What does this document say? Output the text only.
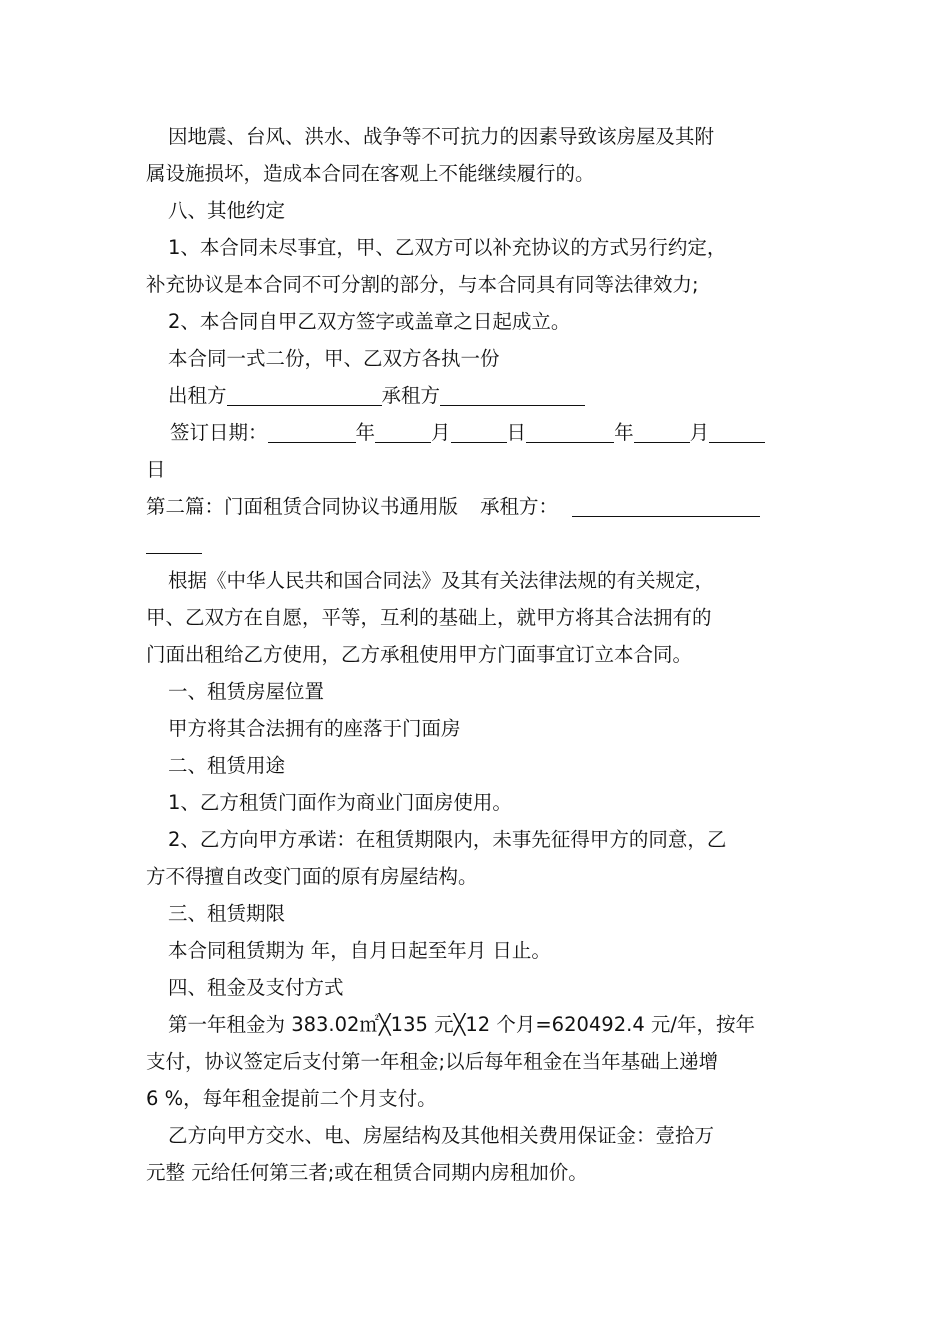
因地震、台风、洪水、战争等不可抗力的因素导致该房屋及其附
属设施损坏，造成本合同在客观上不能继续履行的。
八、其他约定
1、本合同未尽事宜，甲、乙双方可以补充协议的方式另行约定，
补充协议是本合同不可分割的部分，与本合同具有同等法律效力;
2、本合同自甲乙双方签字或盖章之日起成立。
本合同一式二份，甲、乙双方各执一份
出租方	承租方
签订日期：	年	月	日	年	月
日
第二篇：门面租赁合同协议书通用版 承租方：
根据《中华人民共和国合同法》及其有关法律法规的有关规定，
甲、乙双方在自愿，平等，互利的基础上，就甲方将其合法拥有的
门面出租给乙方使用，乙方承租使用甲方门面事宜订立本合同。
一、租赁房屋位置
甲方将其合法拥有的座落于门面房
二、租赁用途
1、乙方租赁门面作为商业门面房使用。
2、乙方向甲方承诺：在租赁期限内，未事先征得甲方的同意，乙
方不得擅自改变门面的原有房屋结构。
三、租赁期限
本合同租赁期为 年，自月日起至年月 日止。
四、租金及支付方式
第一年租金为 383.02㎡╳135 元╳12 个月=620492.4 元/年，按年
支付，协议签定后支付第一年租金;以后每年租金在当年基础上递增
6 %，每年租金提前二个月支付。
乙方向甲方交水、电、房屋结构及其他相关费用保证金：壹拾万
元整 元给任何第三者;或在租赁合同期内房租加价。
